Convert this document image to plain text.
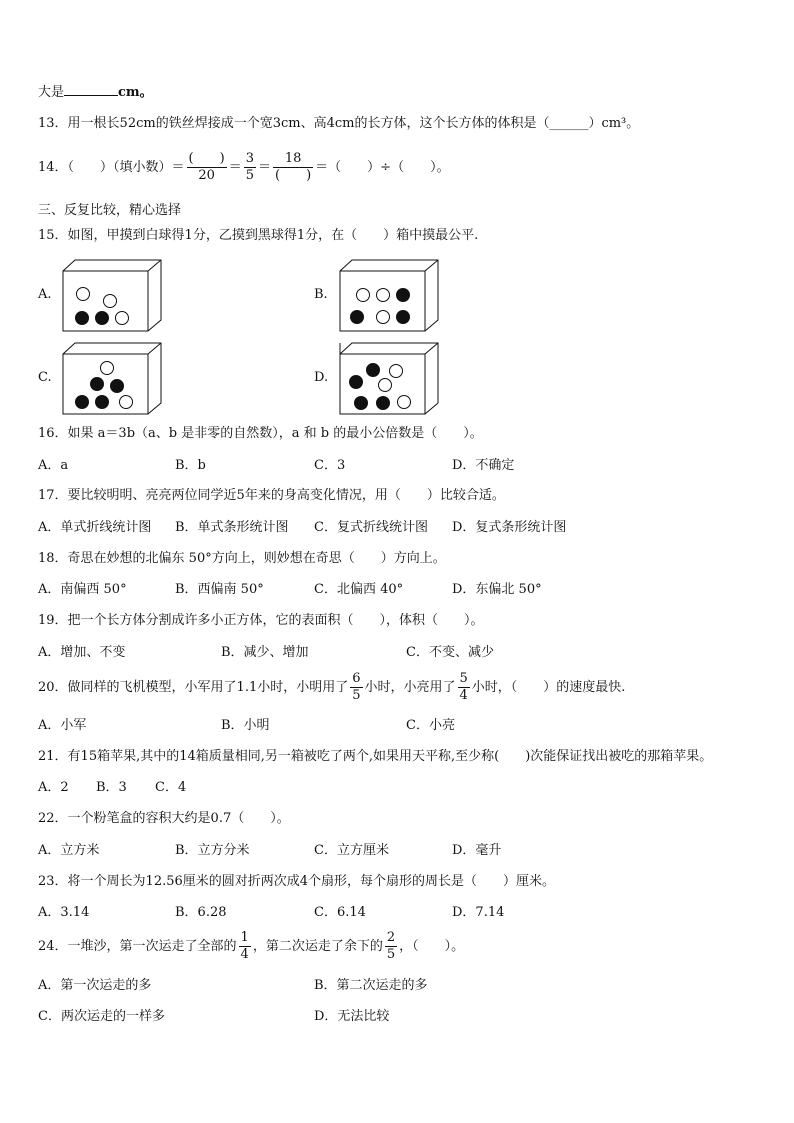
大是	cm。
13．用一根长52cm的铁丝焊接成一个宽3cm、高4cm的长方体，这个长方体的体积是（______）cm³。
14．（　　）（填小数）＝ $\frac{( )}{20} = \frac{3}{5} = \frac{18}{( )}$ ＝（　　）÷（　　）。
三、反复比较，精心选择
15．如图，甲摸到白球得1分，乙摸到黑球得1分，在（　　）箱中摸最公平.
A.	B.
C.	D.
16．如果 a＝3b（a、b 是非零的自然数），a 和 b 的最小公倍数是（　　）。
A．a	B．b	C．3	D．不确定
17．要比较明明、亮亮两位同学近5年来的身高变化情况，用（　　）比较合适。
A．单式折线统计图 B．单式条形统计图 C．复式折线统计图 D．复式条形统计图
18．奇思在妙想的北偏东 50°方向上，则妙想在奇思（　　）方向上。
A．南偏西 50°	B．西偏南 50°	C．北偏西 40°	D．东偏北 50°
19．把一个长方体分割成许多小正方体，它的表面积（　　），体积（　　）。
A．增加、不变	B．减少、增加	C．不变、减少
20．做同样的飞机模型，小军用了1.1小时，小明用了 $\frac{6}{5}$ 小时，小亮用了 $\frac{5}{4}$ 小时，（　　）的速度最快.
A．小军	B．小明	C．小亮
21．有15箱苹果,其中的14箱质量相同,另一箱被吃了两个,如果用天平称,至少称(　　)次能保证找出被吃的那箱苹果。
A．2 B．3 C．4
22．一个粉笔盒的容积大约是0.7（　　）。
A．立方米	B．立方分米	C．立方厘米	D．毫升
23．将一个周长为12.56厘米的圆对折两次成4个扇形，每个扇形的周长是（　　）厘米。
A．3.14	B．6.28	C．6.14	D．7.14
24．一堆沙，第一次运走了全部的 $\frac{1}{4}$ ，第二次运走了余下的 $\frac{2}{5}$ ，（　　）。
A．第一次运走的多	B．第二次运走的多
C．两次运走的一样多	D．无法比较
